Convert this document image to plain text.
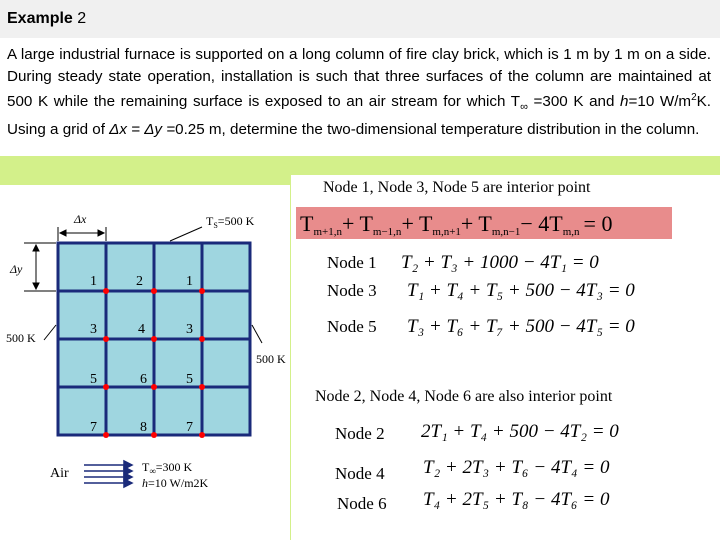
Example 2
A large industrial furnace is supported on a long column of fire clay brick, which is 1 m by 1 m on a side. During steady state operation, installation is such that three surfaces of the column are maintained at 500 K while the remaining surface is exposed to an air stream for which $T_\infty =300$ K and h=10 $W/m^2K$. Using a grid of Δx = Δy =0.25 m, determine the two-dimensional temperature distribution in the column.
Δx
Δy
$T_S=500$ K
500 K
500 K
1	2	1
3	4	3
5	6	5
7	8	7
Air	$T_\infty=300$ K
h=10 W/m2K
Node 1, Node 3, Node 5 are interior point
Tm+1,n+ Tm−1,n+ Tm,n+1+ Tm,n−1− 4Tm,n = 0
Node 1 T₂ + T₃ + 1000 − 4T₁ = 0
Node 3 T₁ + T₄ + T₅ + 500 − 4T₃ = 0
Node 5 T₃ + T₆ + T₇ + 500 − 4T₅ = 0
Node 2, Node 4, Node 6 are also interior point
Node 2 2T₁ + T₄ + 500 − 4T₂ = 0
Node 4 T₂ + 2T₃ + T₆ − 4T₄ = 0
Node 6 T₄ + 2T₅ + T₈ − 4T₆ = 0
